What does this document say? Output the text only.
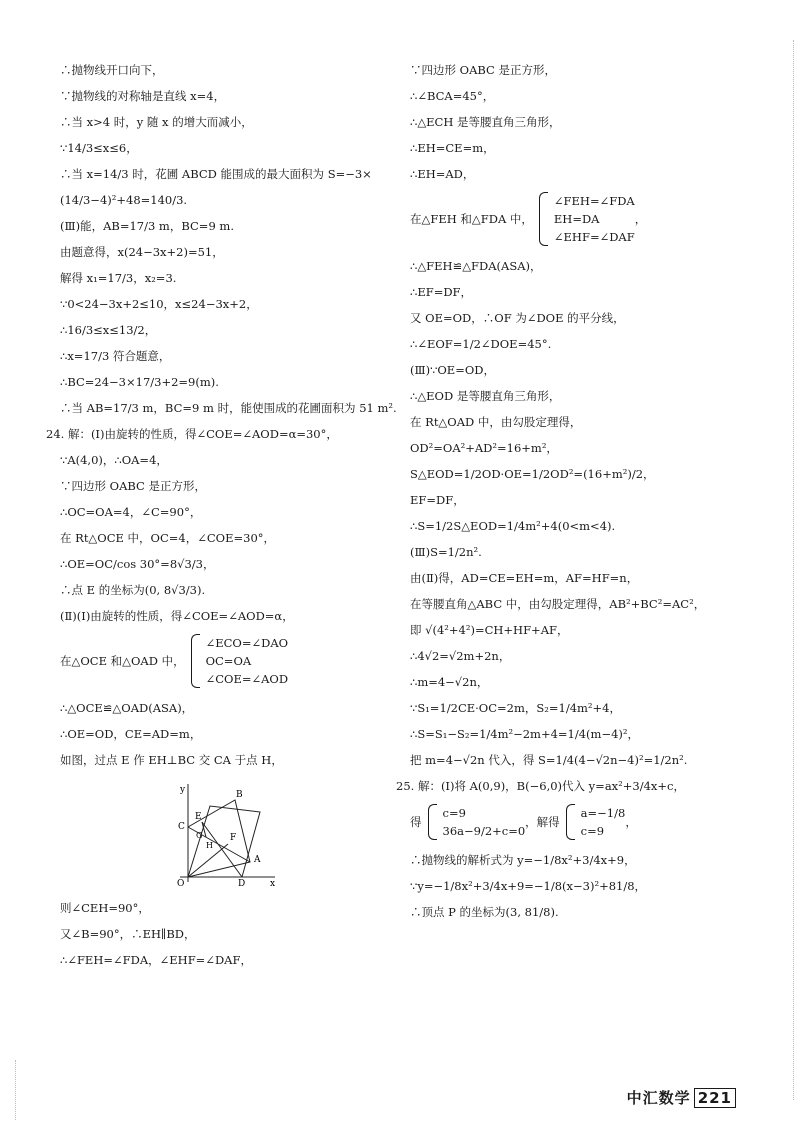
∴抛物线开口向下，
∵抛物线的对称轴是直线 x=4，
∴当 x>4 时，y 随 x 的增大而减小，
∵14/3≤x≤6，
∴当 x=14/3 时，花圃 ABCD 能围成的最大面积为 S=−3×
(14/3−4)²+48=140/3.
(Ⅲ)能，AB=17/3 m，BC=9 m.
由题意得，x(24−3x+2)=51，
解得 x₁=17/3，x₂=3.
∵0<24−3x+2≤10，x≤24−3x+2，
∴16/3≤x≤13/2，
∴x=17/3 符合题意，
∴BC=24−3×17/3+2=9(m).
∴当 AB=17/3 m，BC=9 m 时，能使围成的花圃面积为 51 m².
24. 解：(Ⅰ)由旋转的性质，得∠COE=∠AOD=α=30°，
∵A(4,0)，∴OA=4，
∵四边形 OABC 是正方形，
∴OC=OA=4，∠C=90°，
在 Rt△OCE 中，OC=4，∠COE=30°，
∴OE=OC/cos 30°=8√3/3，
∴点 E 的坐标为(0, 8√3/3).
(Ⅱ)(Ⅰ)由旋转的性质，得∠COE=∠AOD=α，
在△OCE 和△OAD 中，
∠ECO=∠DAO
OC=OA
∠COE=∠AOD
∴△OCE≌△OAD(ASA)，
∴OE=OD，CE=AD=m，
如图，过点 E 作 EH⊥BC 交 CA 于点 H，
y	B
C
E
G	F
H
A
O	D	x
则∠CEH=90°，
又∠B=90°，∴EH∥BD，
∴∠FEH=∠FDA，∠EHF=∠DAF，
∵四边形 OABC 是正方形，
∴∠BCA=45°，
∴△ECH 是等腰直角三角形，
∴EH=CE=m，
∴EH=AD，
在△FEH 和△FDA 中，
∠FEH=∠FDA
EH=DA
∠EHF=∠DAF
，
∴△FEH≌△FDA(ASA)，
∴EF=DF，
又 OE=OD，∴OF 为∠DOE 的平分线，
∴∠EOF=1/2∠DOE=45°.
(Ⅲ)∵OE=OD，
∴△EOD 是等腰直角三角形，
在 Rt△OAD 中，由勾股定理得，
OD²=OA²+AD²=16+m²，
S△EOD=1/2OD·OE=1/2OD²=(16+m²)/2，
EF=DF，
∴S=1/2S△EOD=1/4m²+4(0<m<4).
(Ⅲ)S=1/2n².
由(Ⅱ)得，AD=CE=EH=m，AF=HF=n，
在等腰直角△ABC 中，由勾股定理得，AB²+BC²=AC²，
即 √(4²+4²)=CH+HF+AF，
∴4√2=√2m+2n，
∴m=4−√2n，
∵S₁=1/2CE·OC=2m，S₂=1/4m²+4，
∴S=S₁−S₂=1/4m²−2m+4=1/4(m−4)²，
把 m=4−√2n 代入，得 S=1/4(4−√2n−4)²=1/2n².
25. 解：(Ⅰ)将 A(0,9)，B(−6,0)代入 y=ax²+3/4x+c，
得
c=9
36a−9/2+c=0
，解得
a=−1/8
c=9
，
∴抛物线的解析式为 y=−1/8x²+3/4x+9，
∵y=−1/8x²+3/4x+9=−1/8(x−3)²+81/8，
∴顶点 P 的坐标为(3, 81/8).
中汇数学 221
